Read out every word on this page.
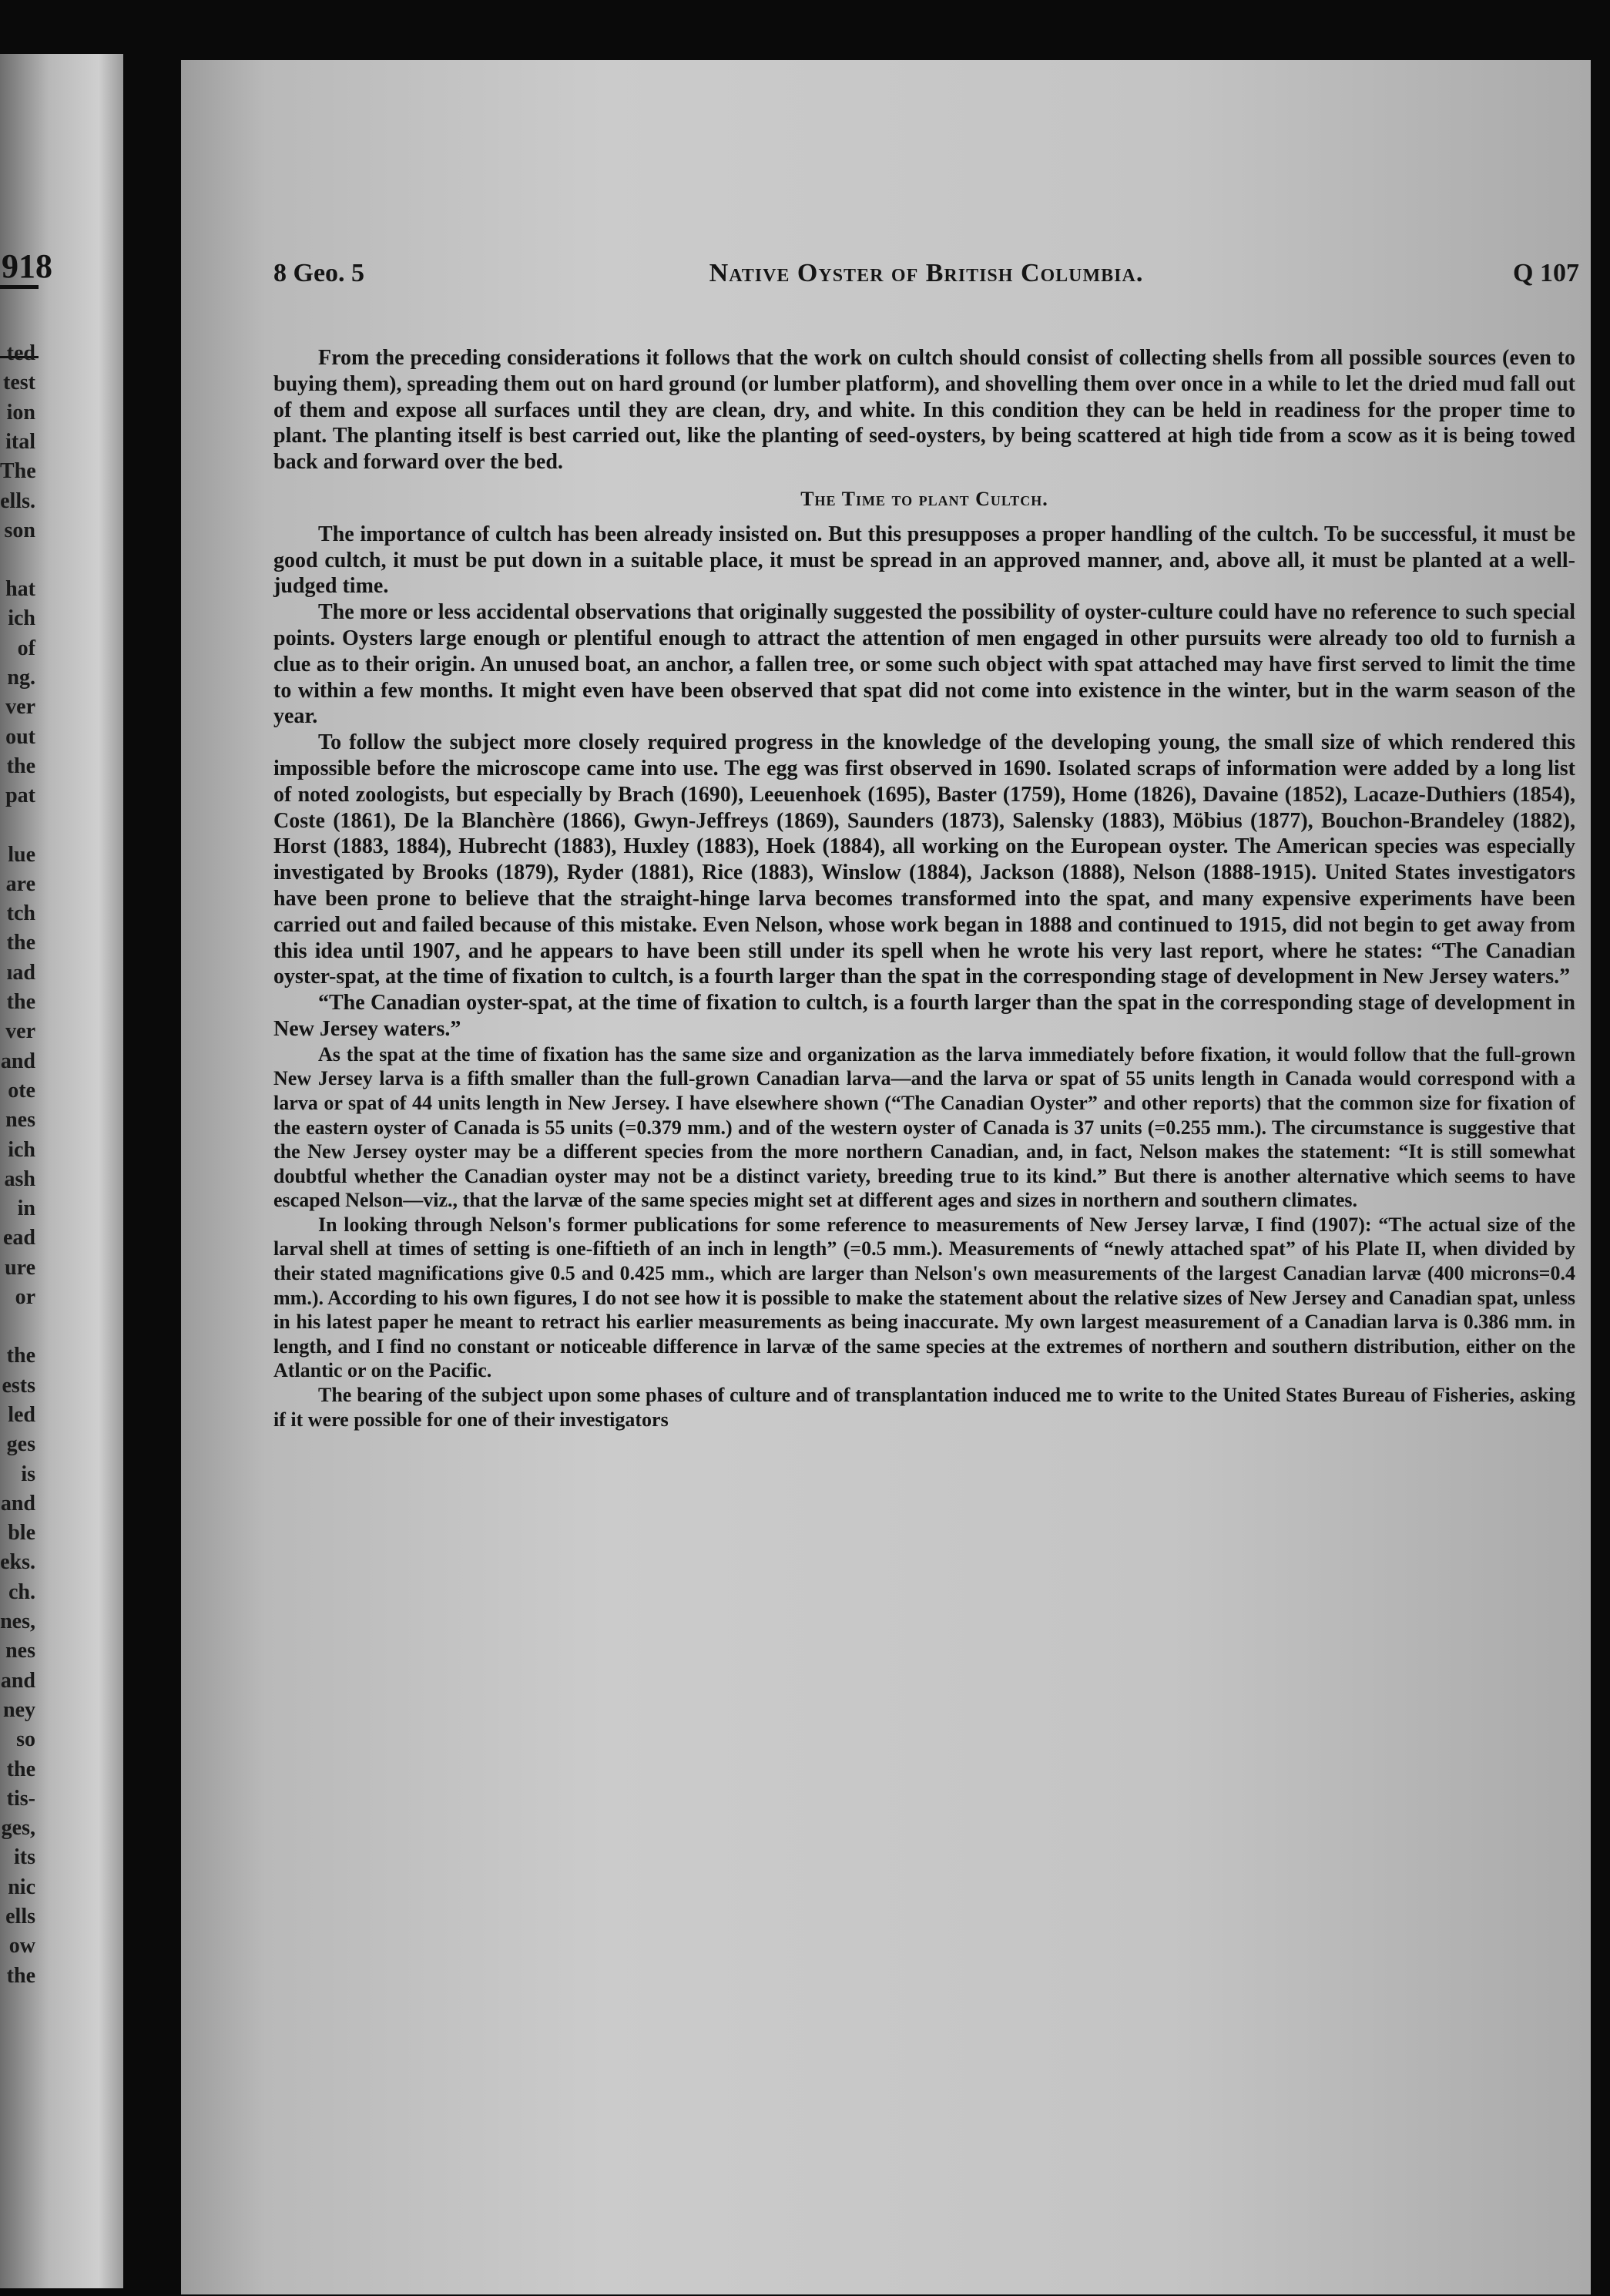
918
ted
test
ion
ital
The
ells.
son
hat
ich
of
ng.
ver
out
the
pat
lue
are
tch
the
ıad
the
ver
and
ote
nes
ich
ash
in
ead
ure
or
the
ests
led
ges
is
and
ble
eks.
ch.
nes,
nes
and
ney
so
the
tis-
ges,
its
nic
ells
ow
the
8 Geo. 5	Native Oyster of British Columbia.	Q 107

From the preceding considerations it follows that the work on cultch should consist of collecting shells from all possible sources (even to buying them), spreading them out on hard ground (or lumber platform), and shovelling them over once in a while to let the dried mud fall out of them and expose all surfaces until they are clean, dry, and white. In this condition they can be held in readiness for the proper time to plant. The planting itself is best carried out, like the planting of seed-oysters, by being scattered at high tide from a scow as it is being towed back and forward over the bed.

The Time to plant Cultch.

The importance of cultch has been already insisted on. But this presupposes a proper handling of the cultch. To be successful, it must be good cultch, it must be put down in a suitable place, it must be spread in an approved manner, and, above all, it must be planted at a well-judged time.

The more or less accidental observations that originally suggested the possibility of oyster-culture could have no reference to such special points. Oysters large enough or plentiful enough to attract the attention of men engaged in other pursuits were already too old to furnish a clue as to their origin. An unused boat, an anchor, a fallen tree, or some such object with spat attached may have first served to limit the time to within a few months. It might even have been observed that spat did not come into existence in the winter, but in the warm season of the year.

To follow the subject more closely required progress in the knowledge of the developing young, the small size of which rendered this impossible before the microscope came into use. The egg was first observed in 1690. Isolated scraps of information were added by a long list of noted zoologists, but especially by Brach (1690), Leeuenhoek (1695), Baster (1759), Home (1826), Davaine (1852), Lacaze-Duthiers (1854), Coste (1861), De la Blanchère (1866), Gwyn-Jeffreys (1869), Saunders (1873), Salensky (1883), Möbius (1877), Bouchon-Brandeley (1882), Horst (1883, 1884), Hubrecht (1883), Huxley (1883), Hoek (1884), all working on the European oyster. The American species was especially investigated by Brooks (1879), Ryder (1881), Rice (1883), Winslow (1884), Jackson (1888), Nelson (1888-1915). United States investigators have been prone to believe that the straight-hinge larva becomes transformed into the spat, and many expensive experiments have been carried out and failed because of this mistake. Even Nelson, whose work began in 1888 and continued to 1915, did not begin to get away from this idea until 1907, and he appears to have been still under its spell when he wrote his very last report, where he states: “The Canadian oyster-spat, at the time of fixation to cultch, is a fourth larger than the spat in the corresponding stage of development in New Jersey waters.”

“The Canadian oyster-spat, at the time of fixation to cultch, is a fourth larger than the spat in the corresponding stage of development in New Jersey waters.”

As the spat at the time of fixation has the same size and organization as the larva immediately before fixation, it would follow that the full-grown New Jersey larva is a fifth smaller than the full-grown Canadian larva—and the larva or spat of 55 units length in Canada would correspond with a larva or spat of 44 units length in New Jersey. I have elsewhere shown (“The Canadian Oyster” and other reports) that the common size for fixation of the eastern oyster of Canada is 55 units (=0.379 mm.) and of the western oyster of Canada is 37 units (=0.255 mm.). The circumstance is suggestive that the New Jersey oyster may be a different species from the more northern Canadian, and, in fact, Nelson makes the statement: “It is still somewhat doubtful whether the Canadian oyster may not be a distinct variety, breeding true to its kind.” But there is another alternative which seems to have escaped Nelson—viz., that the larvæ of the same species might set at different ages and sizes in northern and southern climates.

In looking through Nelson's former publications for some reference to measurements of New Jersey larvæ, I find (1907): “The actual size of the larval shell at times of setting is one-fiftieth of an inch in length” (=0.5 mm.). Measurements of “newly attached spat” of his Plate II, when divided by their stated magnifications give 0.5 and 0.425 mm., which are larger than Nelson's own measurements of the largest Canadian larvæ (400 microns=0.4 mm.). According to his own figures, I do not see how it is possible to make the statement about the relative sizes of New Jersey and Canadian spat, unless in his latest paper he meant to retract his earlier measurements as being inaccurate. My own largest measurement of a Canadian larva is 0.386 mm. in length, and I find no constant or noticeable difference in larvæ of the same species at the extremes of northern and southern distribution, either on the Atlantic or on the Pacific.

The bearing of the subject upon some phases of culture and of transplantation induced me to write to the United States Bureau of Fisheries, asking if it were possible for one of their investigators
